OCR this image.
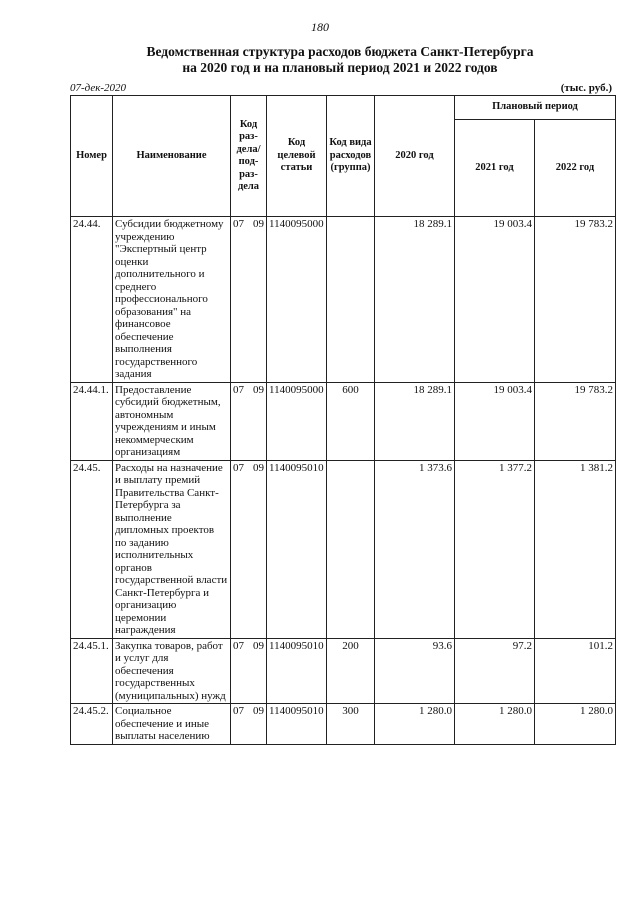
180
Ведомственная структура расходов бюджета Санкт-Петербурга
на 2020 год и на плановый период 2021 и 2022 годов
07-дек-2020	(тыс. руб.)
Номер	Наименование	Код раз-дела/ под-раз-дела	Код целевой статьи	Код вида расходов (группа)	2020 год	Плановый период	
						2021 год	2022 год
24.44.	Субсидии бюджетному учреждению "Экспертный центр оценки дополнительного и среднего профессионального образования" на финансовое обеспечение выполнения государственного задания	07 09	1140095000		18 289.1	19 003.4	19 783.2
24.44.1.	Предоставление субсидий бюджетным, автономным учреждениям и иным некоммерческим организациям	07 09	1140095000	600	18 289.1	19 003.4	19 783.2
24.45.	Расходы на назначение и выплату премий Правительства Санкт-Петербурга за выполнение дипломных проектов по заданию исполнительных органов государственной власти Санкт-Петербурга и организацию церемонии награждения	07 09	1140095010		1 373.6	1 377.2	1 381.2
24.45.1.	Закупка товаров, работ и услуг для обеспечения государственных (муниципальных) нужд	07 09	1140095010	200	93.6	97.2	101.2
24.45.2.	Социальное обеспечение и иные выплаты населению	07 09	1140095010	300	1 280.0	1 280.0	1 280.0
